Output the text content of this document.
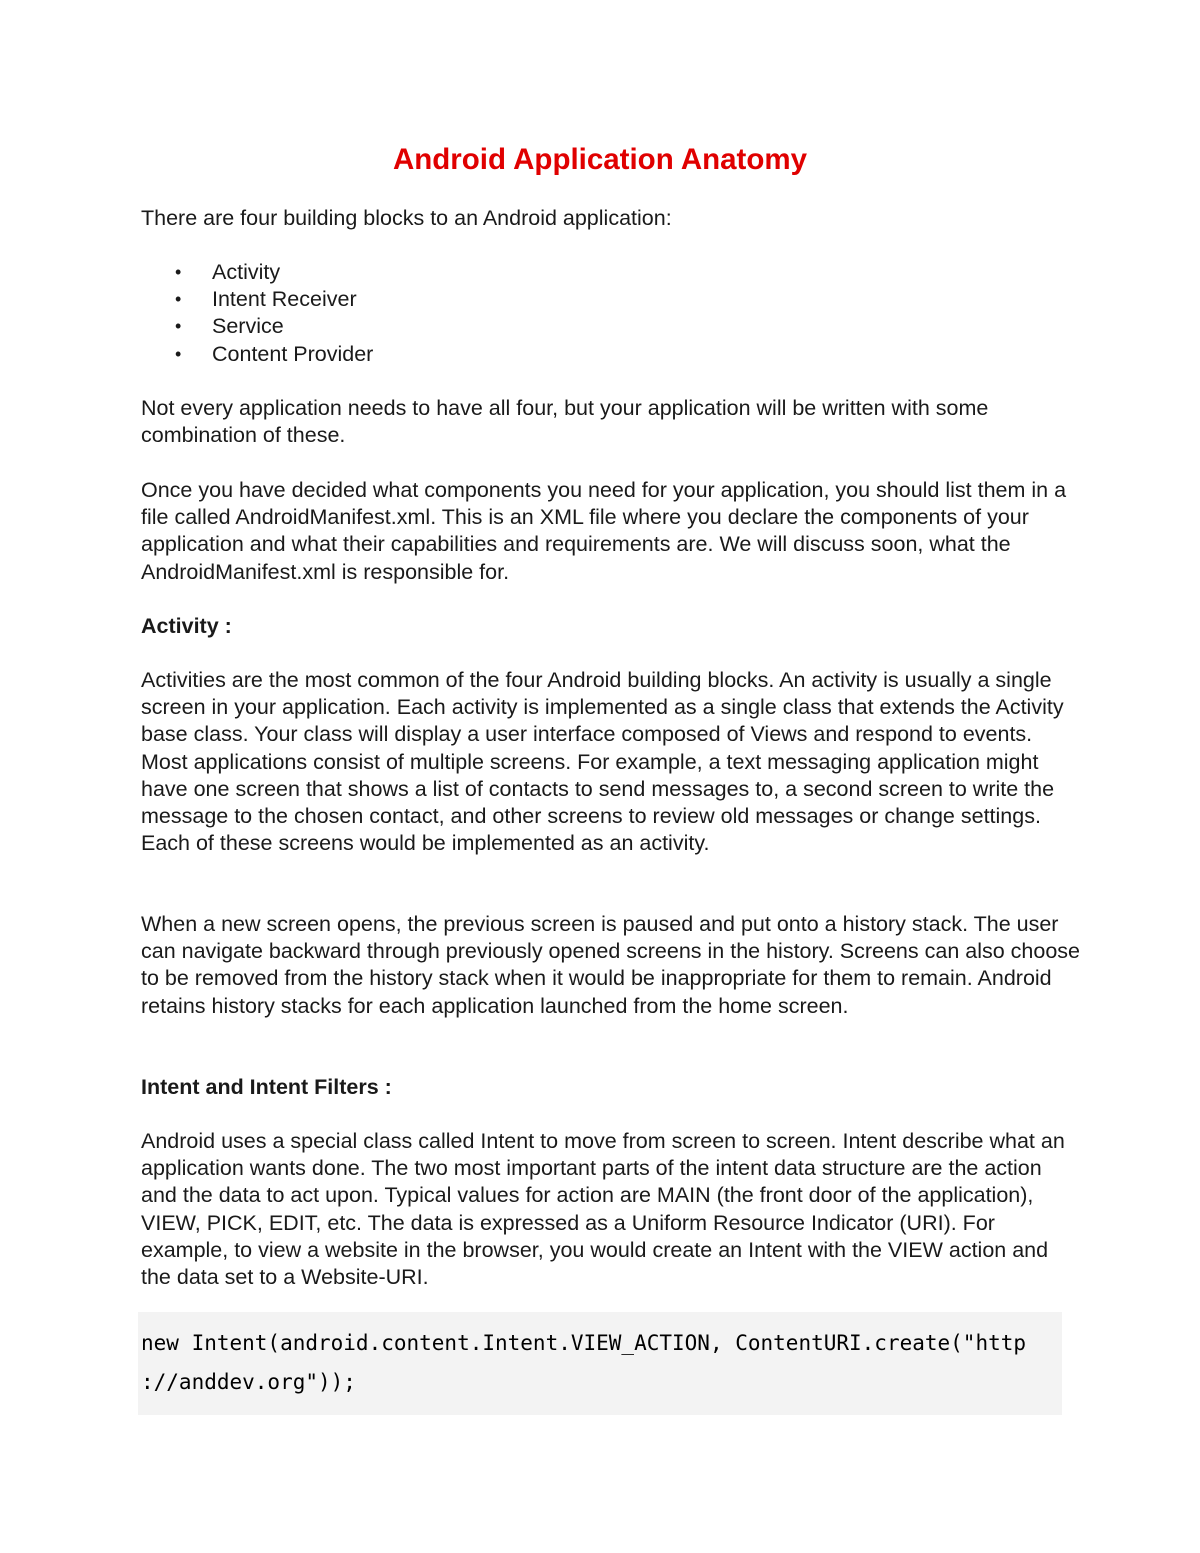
Android Application Anatomy

There are four building blocks to an Android application:

• Activity
• Intent Receiver
• Service
• Content Provider

Not every application needs to have all four, but your application will be written with some combination of these.

Once you have decided what components you need for your application, you should list them in a file called AndroidManifest.xml. This is an XML file where you declare the components of your application and what their capabilities and requirements are. We will discuss soon, what the AndroidManifest.xml is responsible for.

Activity :

Activities are the most common of the four Android building blocks. An activity is usually a single screen in your application. Each activity is implemented as a single class that extends the Activity base class. Your class will display a user interface composed of Views and respond to events. Most applications consist of multiple screens. For example, a text messaging application might have one screen that shows a list of contacts to send messages to, a second screen to write the message to the chosen contact, and other screens to review old messages or change settings. Each of these screens would be implemented as an activity.

When a new screen opens, the previous screen is paused and put onto a history stack. The user can navigate backward through previously opened screens in the history. Screens can also choose to be removed from the history stack when it would be inappropriate for them to remain. Android retains history stacks for each application launched from the home screen.

Intent and Intent Filters :

Android uses a special class called Intent to move from screen to screen. Intent describe what an application wants done. The two most important parts of the intent data structure are the action and the data to act upon. Typical values for action are MAIN (the front door of the application), VIEW, PICK, EDIT, etc. The data is expressed as a Uniform Resource Indicator (URI). For example, to view a website in the browser, you would create an Intent with the VIEW action and the data set to a Website-URI.

new Intent(android.content.Intent.VIEW_ACTION, ContentURI.create("http
://anddev.org"));
